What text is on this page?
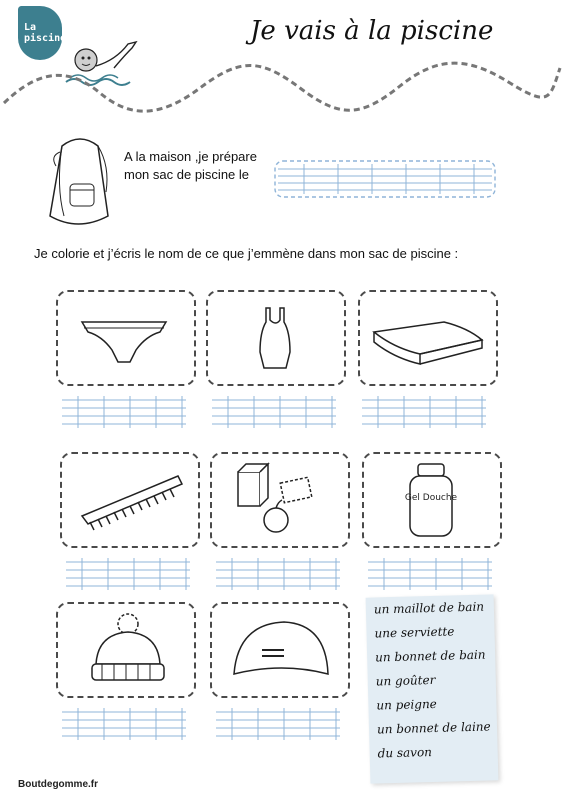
La
piscine	Je vais à la piscine
A la maison ,je prépare
mon sac de piscine le
Je colorie et j’écris le nom de ce que j’emmène dans mon sac de piscine :
Gel Douche
un maillot de bain
une serviette
un bonnet de bain
un goûter
un peigne
un bonnet de laine
du savon
Boutdegomme.fr
